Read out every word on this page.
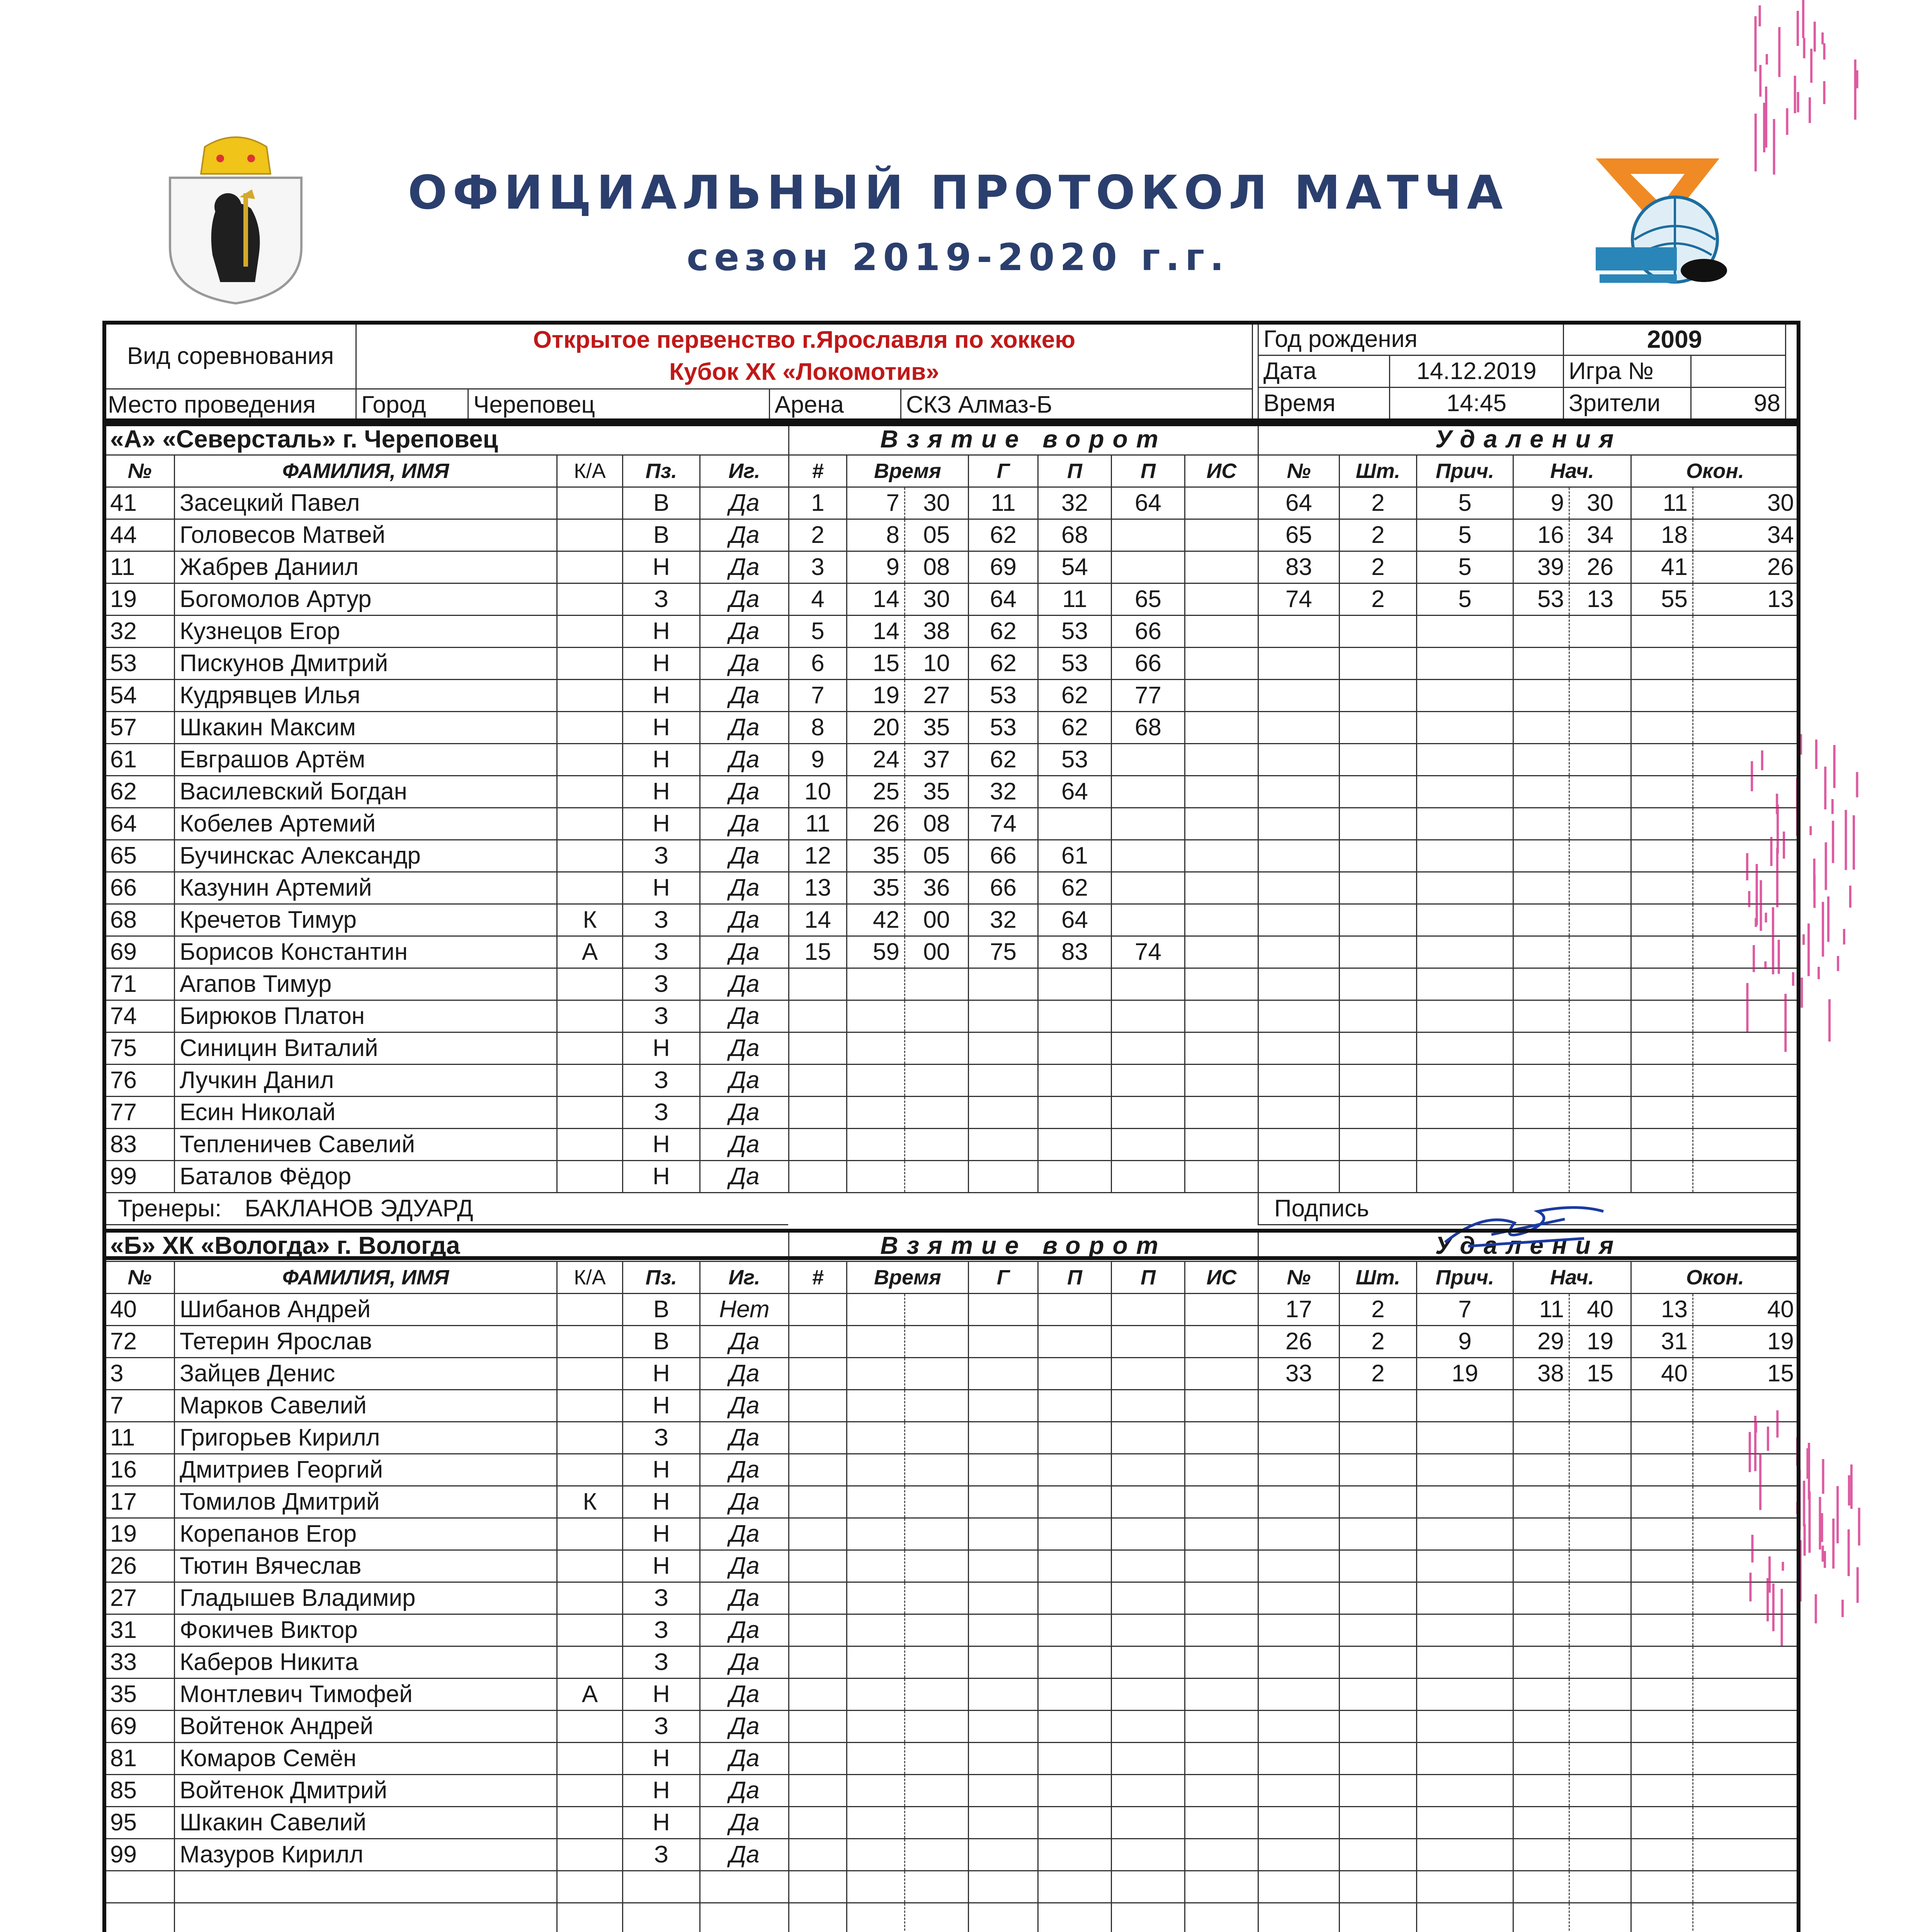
ОФИЦИАЛЬНЫЙ ПРОТОКОЛ МАТЧА
сезон 2019-2020 г.г.
Вид соревнования	Открытое первенство г.Ярославля по хоккею
Кубок ХК «Локомотив»
Место проведения	Город	Череповец	Арена	СКЗ Алмаз-Б
Год рождения		2009	
Дата	14.12.2019	Игра №	
Время	14:45	Зрители	98
«А» «Северсталь» г. Череповец				
№	ФАМИЛИЯ, ИМЯ	К/А	Пз.	Иг.
41	Засецкий Павел		В	Да
44	Головесов Матвей		В	Да
11	Жабрев Даниил		Н	Да
19	Богомолов Артур		З	Да
32	Кузнецов Егор		Н	Да
53	Пискунов Дмитрий		Н	Да
54	Кудрявцев Илья		Н	Да
57	Шкакин Максим		Н	Да
61	Евграшов Артём		Н	Да
62	Василевский Богдан		Н	Да
64	Кобелев Артемий		Н	Да
65	Бучинскас Александр		З	Да
66	Казунин Артемий		Н	Да
68	Кречетов Тимур	К	З	Да
69	Борисов Константин	А	З	Да
71	Агапов Тимур		З	Да
74	Бирюков Платон		З	Да
75	Синицин Виталий		Н	Да
76	Лучкин Данил		З	Да
77	Есин Николай		З	Да
83	Тепленичев Савелий		Н	Да
99	Баталов Фёдор		Н	Да
Тренеры: БАКЛАНОВ ЭДУАРД				
Взятие ворот						
#	Время		Г	П	П	ИС
1	7	30	11	32	64	
2	8	05	62	68		
3	9	08	69	54		
4	14	30	64	11	65	
5	14	38	62	53	66	
6	15	10	62	53	66	
7	19	27	53	62	77	
8	20	35	53	62	68	
9	24	37	62	53		
10	25	35	32	64		
11	26	08	74			
12	35	05	66	61		
13	35	36	66	62		
14	42	00	32	64		
15	59	00	75	83	74	

Удаления						
№	Шт.	Прич.	Нач.		Окон.	
64	2	5	9	30	11	30
65	2	5	16	34	18	34
83	2	5	39	26	41	26
74	2	5	53	13	55	13

Подпись						
«Б» ХК «Вологда» г. Вологда				
№	ФАМИЛИЯ, ИМЯ	К/А	Пз.	Иг.
40	Шибанов Андрей		В	Нет
72	Тетерин Ярослав		В	Да
3	Зайцев Денис		Н	Да
7	Марков Савелий		Н	Да
11	Григорьев Кирилл		З	Да
16	Дмитриев Георгий		Н	Да
17	Томилов Дмитрий	К	Н	Да
19	Корепанов Егор		Н	Да
26	Тютин Вячеслав		Н	Да
27	Гладышев Владимир		З	Да
31	Фокичев Виктор		З	Да
33	Каберов Никита		З	Да
35	Монтлевич Тимофей	А	Н	Да
69	Войтенок Андрей		З	Да
81	Комаров Семён		Н	Да
85	Войтенок Дмитрий		Н	Да
95	Шкакин Савелий		Н	Да
99	Мазуров Кирилл		З	Да

Взятие ворот						
#	Время		Г	П	П	ИС

Удаления						
№	Шт.	Прич.	Нач.		Окон.	
17	2	7	11	40	13	40
26	2	9	29	19	31	19
33	2	19	38	15	40	15
